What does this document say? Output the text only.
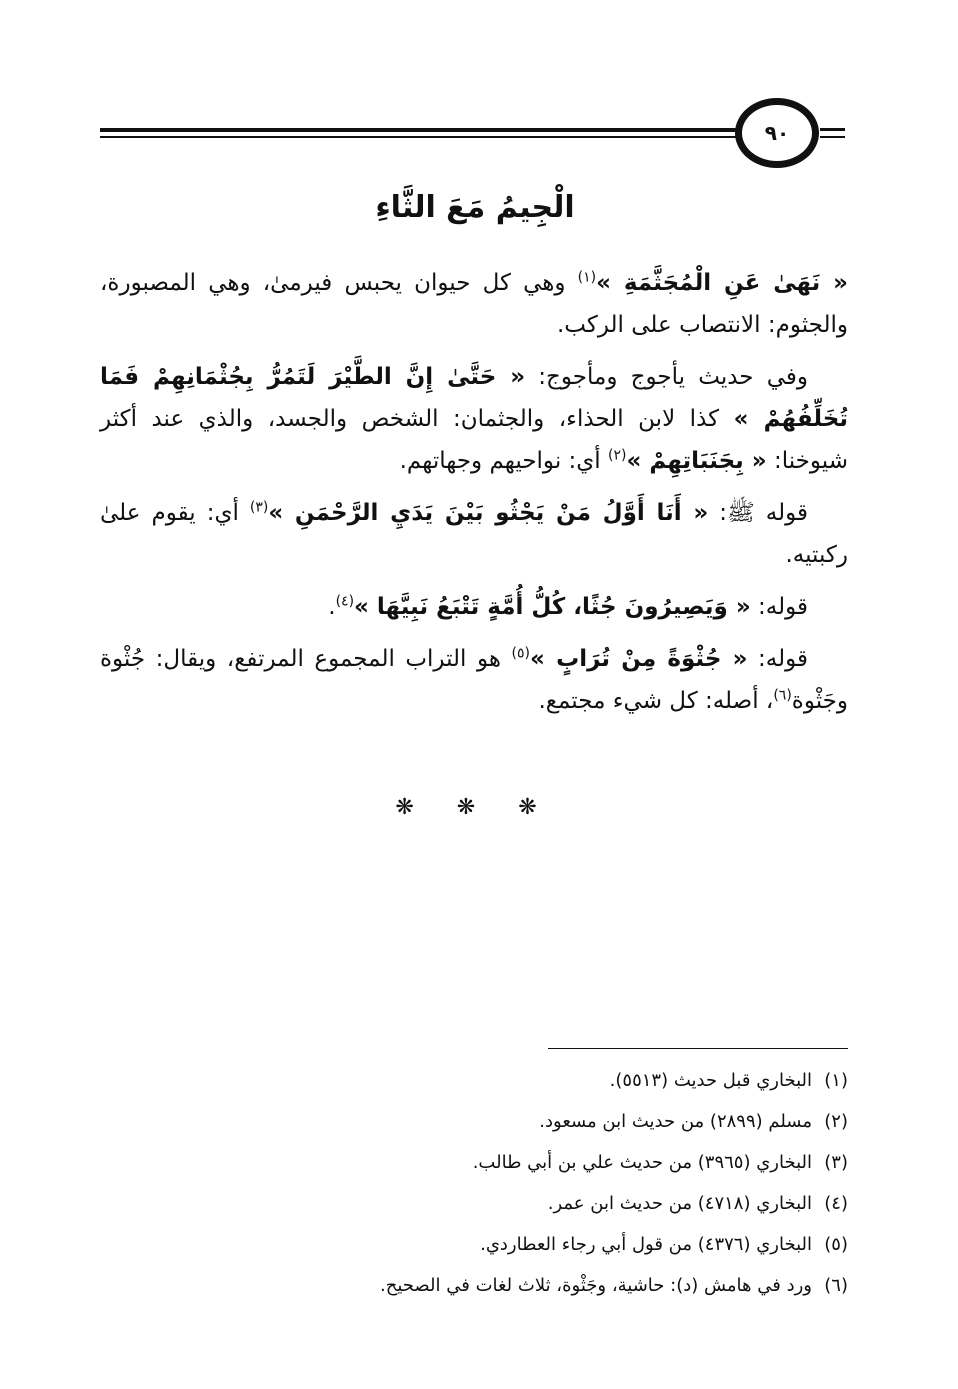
٩٠
الْجِيمُ مَعَ الثَّاءِ

« نَهَىٰ عَنِ الْمُجَثَّمَةِ »$^{(١)}$ وهي كل حيوان يحبس فيرمىٰ، وهي المصبورة، والجثوم: الانتصاب على الركب.

وفي حديث يأجوج ومأجوج: « حَتَّىٰ إِنَّ الطَّيْرَ لَتَمُرُّ بِجُثْمَانِهِمْ فَمَا تُخَلِّفُهُمْ » كذا لابن الحذاء، والجثمان: الشخص والجسد، والذي عند أكثر شيوخنا: « بِجَنَبَاتِهِمْ »$^{(٢)}$ أي: نواحيهم وجهاتهم.

قوله ﷺ: « أَنَا أَوَّلُ مَنْ يَجْثُو بَيْنَ يَدَيِ الرَّحْمَنِ »$^{(٣)}$ أي: يقوم علىٰ ركبتيه.

قوله: « وَيَصِيرُونَ جُثًا، كُلُّ أُمَّةٍ تَتْبَعُ نَبِيَّهَا »$^{(٤)}$.

قوله: « جُثْوَةً مِنْ تُرَابٍ »$^{(٥)}$ هو التراب المجموع المرتفع، ويقال: جُثْوة وجَثْوة$^{(٦)}$، أصله: كل شيء مجتمع.

❋ ❋ ❋
(١)البخاري قبل حديث (٥٥١٣).
(٢)مسلم (٢٨٩٩) من حديث ابن مسعود.
(٣)البخاري (٣٩٦٥) من حديث علي بن أبي طالب.
(٤)البخاري (٤٧١٨) من حديث ابن عمر.
(٥)البخاري (٤٣٧٦) من قول أبي رجاء العطاردي.
(٦)ورد في هامش (د): حاشية، وجَثْوة، ثلاث لغات في الصحيح.
